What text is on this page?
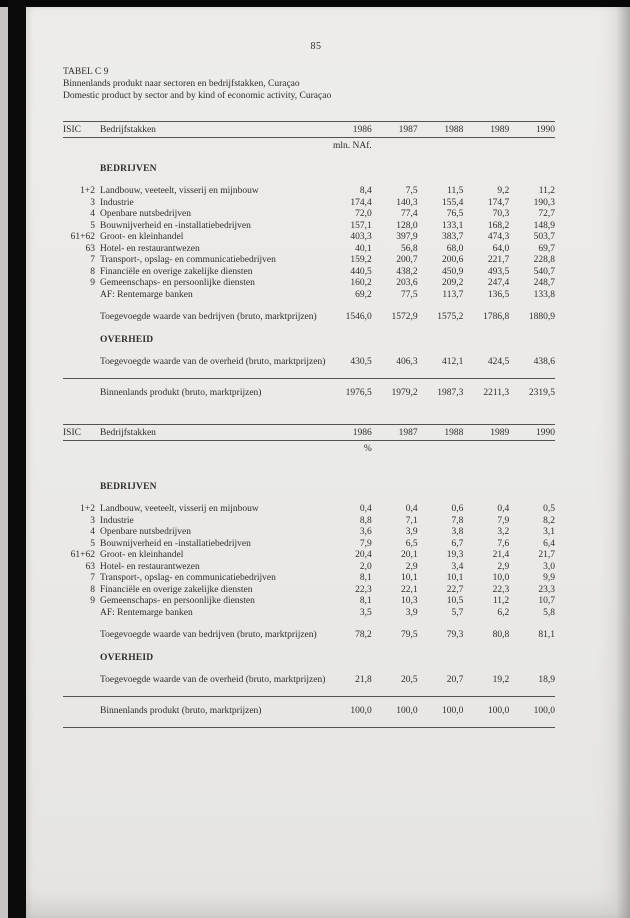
85
TABEL C 9
Binnenlands produkt naar sectoren en bedrijfstakken, Curaçao
Domestic product by sector and by kind of economic activity, Curaçao
ISIC	Bedrijfstakken	1986	1987	1988	1989	1990
mln. NAf.
BEDRIJVEN
1+2 Landbouw, veeteelt, visserij en mijnbouw	8,4	7,5	11,5	9,2	11,2
3 Industrie	174,4	140,3	155,4	174,7	190,3
4 Openbare nutsbedrijven	72,0	77,4	76,5	70,3	72,7
5 Bouwnijverheid en -installatiebedrijven	157,1	128,0	133,1	168,2	148,9
61+62 Groot- en kleinhandel	403,3	397,9	383,7	474,3	503,7
63 Hotel- en restaurantwezen	40,1	56,8	68,0	64,0	69,7
7 Transport-, opslag- en communicatiebedrijven	159,2	200,7	200,6	221,7	228,8
8 Financiële en overige zakelijke diensten	440,5	438,2	450,9	493,5	540,7
9 Gemeenschaps- en persoonlijke diensten	160,2	203,6	209,2	247,4	248,7
AF: Rentemarge banken	69,2	77,5	113,7	136,5	133,8
Toegevoegde waarde van bedrijven (bruto, marktprijzen)	1546,0	1572,9	1575,2	1786,8	1880,9
OVERHEID
Toegevoegde waarde van de overheid (bruto, marktprijzen)	430,5	406,3	412,1	424,5	438,6
Binnenlands produkt (bruto, marktprijzen)	1976,5	1979,2	1987,3	2211,3	2319,5
ISIC	Bedrijfstakken	1986	1987	1988	1989	1990
%
BEDRIJVEN
1+2 Landbouw, veeteelt, visserij en mijnbouw	0,4	0,4	0,6	0,4	0,5
3 Industrie	8,8	7,1	7,8	7,9	8,2
4 Openbare nutsbedrijven	3,6	3,9	3,8	3,2	3,1
5 Bouwnijverheid en -installatiebedrijven	7,9	6,5	6,7	7,6	6,4
61+62 Groot- en kleinhandel	20,4	20,1	19,3	21,4	21,7
63 Hotel- en restaurantwezen	2,0	2,9	3,4	2,9	3,0
7 Transport-, opslag- en communicatiebedrijven	8,1	10,1	10,1	10,0	9,9
8 Financiële en overige zakelijke diensten	22,3	22,1	22,7	22,3	23,3
9 Gemeenschaps- en persoonlijke diensten	8,1	10,3	10,5	11,2	10,7
AF: Rentemarge banken	3,5	3,9	5,7	6,2	5,8
Toegevoegde waarde van bedrijven (bruto, marktprijzen)	78,2	79,5	79,3	80,8	81,1
OVERHEID
Toegevoegde waarde van de overheid (bruto, marktprijzen)	21,8	20,5	20,7	19,2	18,9
Binnenlands produkt (bruto, marktprijzen)	100,0	100,0	100,0	100,0	100,0
